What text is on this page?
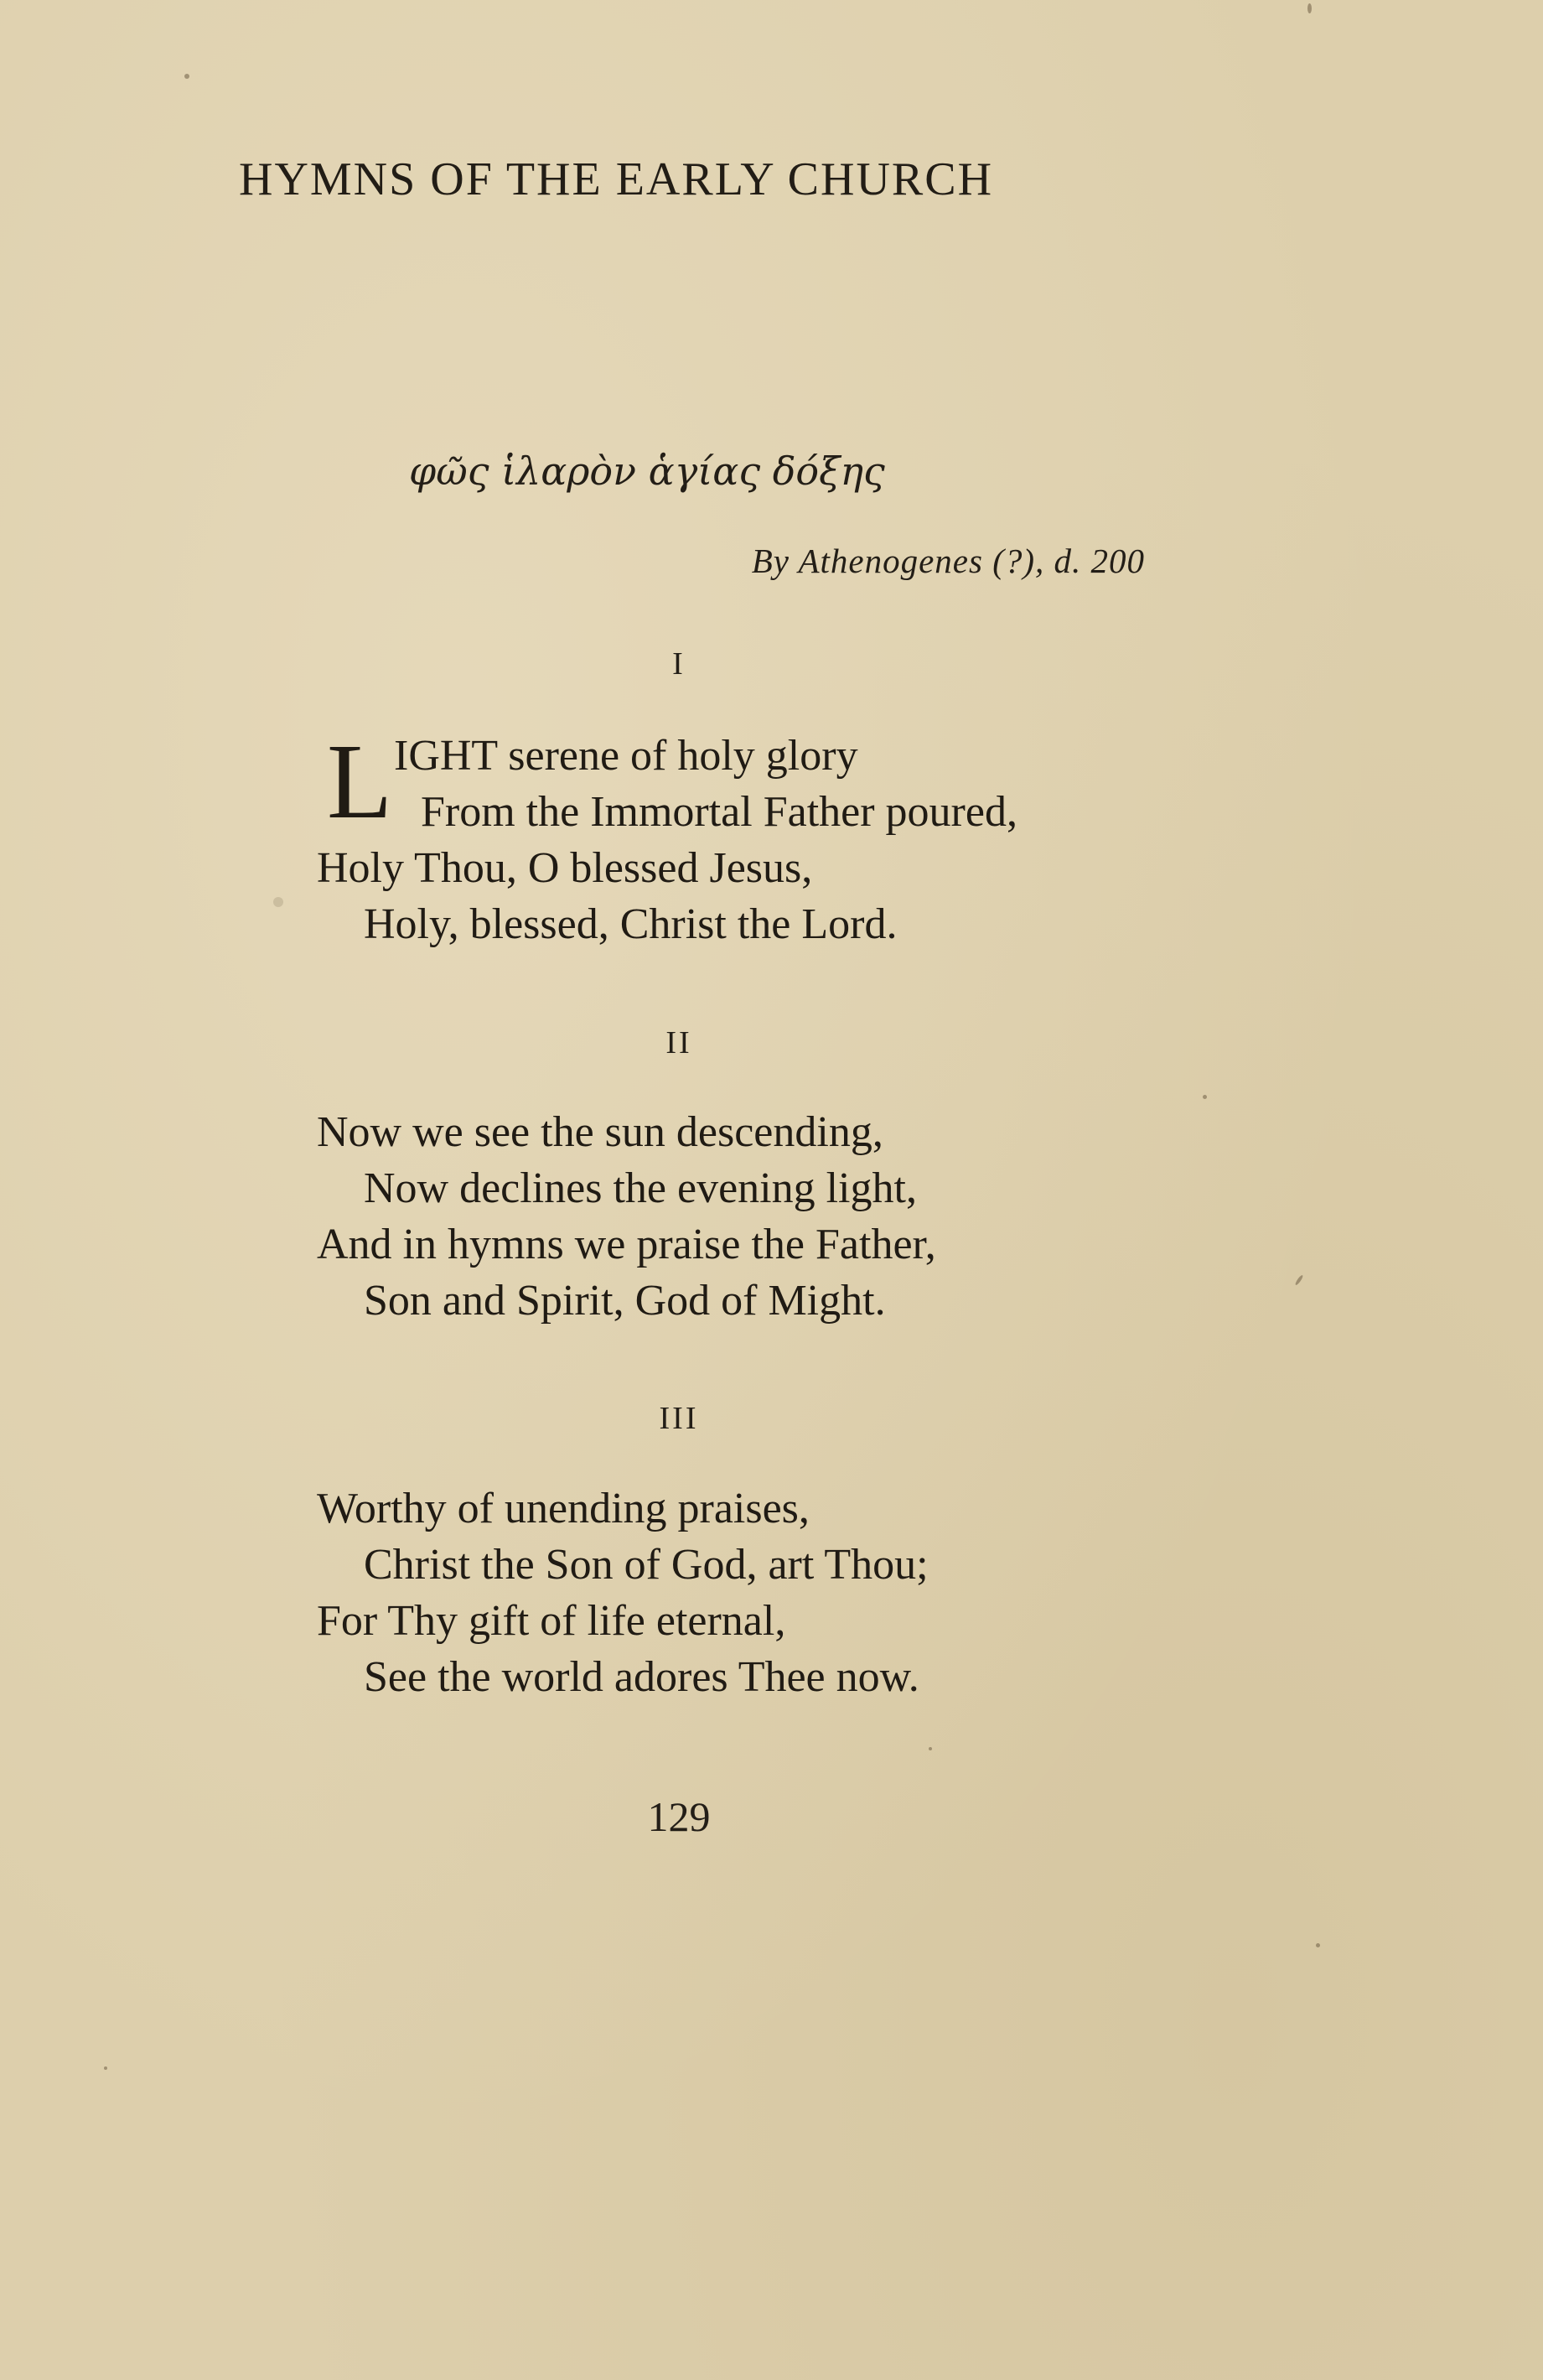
HYMNS OF THE EARLY CHURCH
φῶς ἱλαρὸν ἁγίας δόξης
By Athenogenes (?), d. 200
I
L IGHT serene of holy glory
From the Immortal Father poured,
Holy Thou, O blessed Jesus,
Holy, blessed, Christ the Lord.
II
Now we see the sun descending,
Now declines the evening light,
And in hymns we praise the Father,
Son and Spirit, God of Might.
III
Worthy of unending praises,
Christ the Son of God, art Thou;
For Thy gift of life eternal,
See the world adores Thee now.
129
